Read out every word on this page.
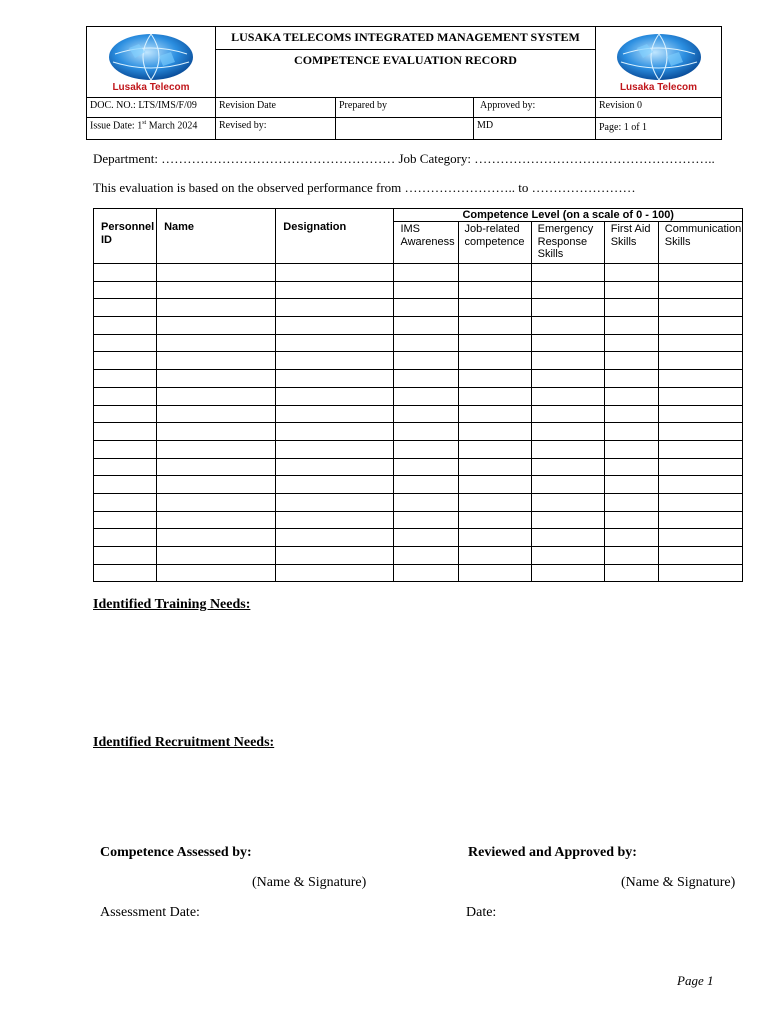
Lusaka Telecom	LUSAKA TELECOMS INTEGRATED MANAGEMENT SYSTEM
COMPETENCE EVALUATION RECORD			Lusaka Telecom

DOC. NO.: LTS/IMS/F/09	Revision Date	Prepared by	Approved by:	Revision 0
Issue Date: 1st March 2024	Revised by:		MD	Page: 1 of 1
Department: ……………………………………………… Job Category: ………………………………………………..
This evaluation is based on the observed performance from …………………….. to ……………………
Personnel ID	Name	Designation	Competence Level (on a scale of 0 - 100)				
			IMS Awareness	Job-related competence	Emergency Response Skills	First Aid Skills	Communication Skills

Identified Training Needs:
Identified Recruitment Needs:
Competence Assessed by:	Reviewed and Approved by:
(Name & Signature)	(Name & Signature)
Assessment Date:	Date:
Page 1
